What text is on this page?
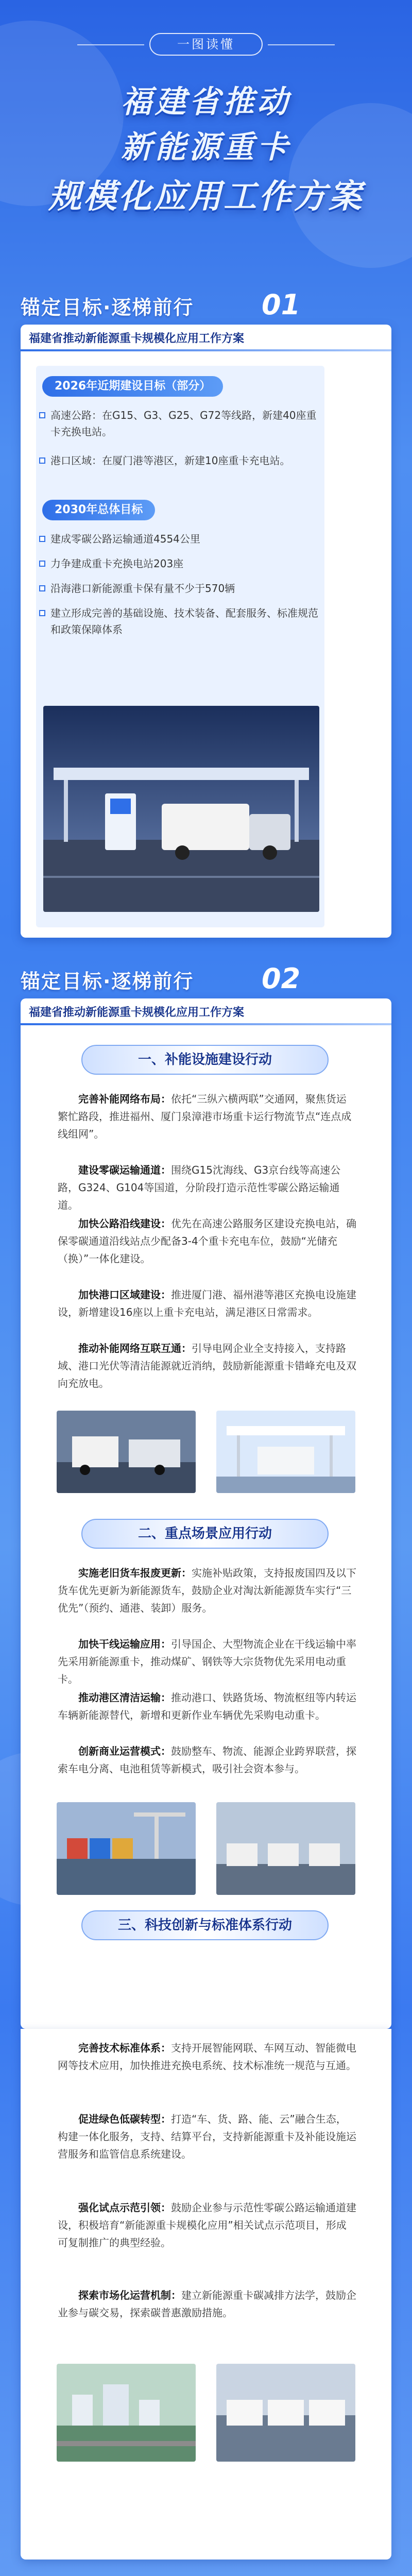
一图读懂
福建省推动
新能源重卡
规模化应用工作方案
锚定目标·逐梯前行 01
福建省推动新能源重卡规模化应用工作方案
2026年近期建设目标（部分）
高速公路：在G15、G3、G25、G72等线路，新建40座重卡充换电站。
港口区域：在厦门港等港区，新建10座重卡充电站。
2030年总体目标
建成零碳公路运输通道4554公里
力争建成重卡充换电站203座
沿海港口新能源重卡保有量不少于570辆
建立形成完善的基础设施、技术装备、配套服务、标准规范和政策保障体系
锚定目标·逐梯前行 02
福建省推动新能源重卡规模化应用工作方案
一、补能设施建设行动
完善补能网络布局：依托“三纵六横两联”交通网，聚焦货运繁忙路段，推进福州、厦门泉漳港市场重卡运行物流节点“连点成线组网”。
建设零碳运输通道：围绕G15沈海线、G3京台线等高速公路，G324、G104等国道，分阶段打造示范性零碳公路运输通道。
加快公路沿线建设：优先在高速公路服务区建设充换电站，确保零碳通道沿线站点少配备3-4个重卡充电车位，鼓励“光储充（换）”一体化建设。
加快港口区域建设：推进厦门港、福州港等港区充换电设施建设，新增建设16座以上重卡充电站，满足港区日常需求。
推动补能网络互联互通：引导电网企业全支持接入，支持路域、港口光伏等清洁能源就近消纳，鼓励新能源重卡错峰充电及双向充放电。
二、重点场景应用行动
实施老旧货车报废更新：实施补贴政策，支持报废国四及以下货车优先更新为新能源货车，鼓励企业对淘汰新能源货车实行“三优先”（预约、通港、装卸）服务。
加快干线运输应用：引导国企、大型物流企业在干线运输中率先采用新能源重卡，推动煤矿、钢铁等大宗货物优先采用电动重卡。
推动港区清洁运输：推动港口、铁路货场、物流枢纽等内转运车辆新能源替代，新增和更新作业车辆优先采购电动重卡。
创新商业运营模式：鼓励整车、物流、能源企业跨界联营，探索车电分离、电池租赁等新模式，吸引社会资本参与。
三、科技创新与标准体系行动
完善技术标准体系：支持开展智能网联、车网互动、智能微电网等技术应用，加快推进充换电系统、技术标准统一规范与互通。
促进绿色低碳转型：打造“车、货、路、能、云”融合生态，构建一体化服务，支持、结算平台，支持新能源重卡及补能设施运营服务和监管信息系统建设。
强化试点示范引领：鼓励企业参与示范性零碳公路运输通道建设，积极培育“新能源重卡规模化应用”相关试点示范项目，形成可复制推广的典型经验。
探索市场化运营机制：建立新能源重卡碳减排方法学，鼓励企业参与碳交易，探索碳普惠激励措施。
